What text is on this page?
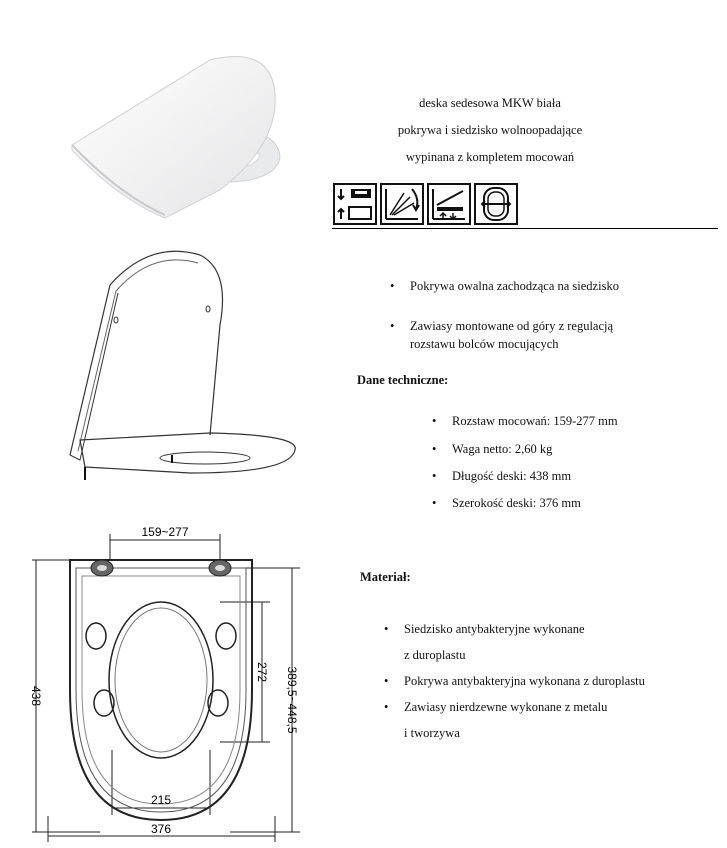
deska sedesowa MKW biała
pokrywa i siedzisko wolnoopadające
wypinana z kompletem mocowań
• Pokrywa owalna zachodząca na siedzisko
• Zawiasy montowane od góry z regulacją
rozstawu bolców mocujących
Dane techniczne:
• Rozstaw mocowań: 159-277 mm
• Waga netto: 2,60 kg
• Długość deski: 438 mm
• Szerokość deski: 376 mm
Materiał:
• Siedzisko antybakteryjne wykonane
z duroplastu
• Pokrywa antybakteryjna wykonana z duroplastu
• Zawiasy nierdzewne wykonane z metalu
i tworzywa
159~277
438
272 389,5~448,5
215
376
